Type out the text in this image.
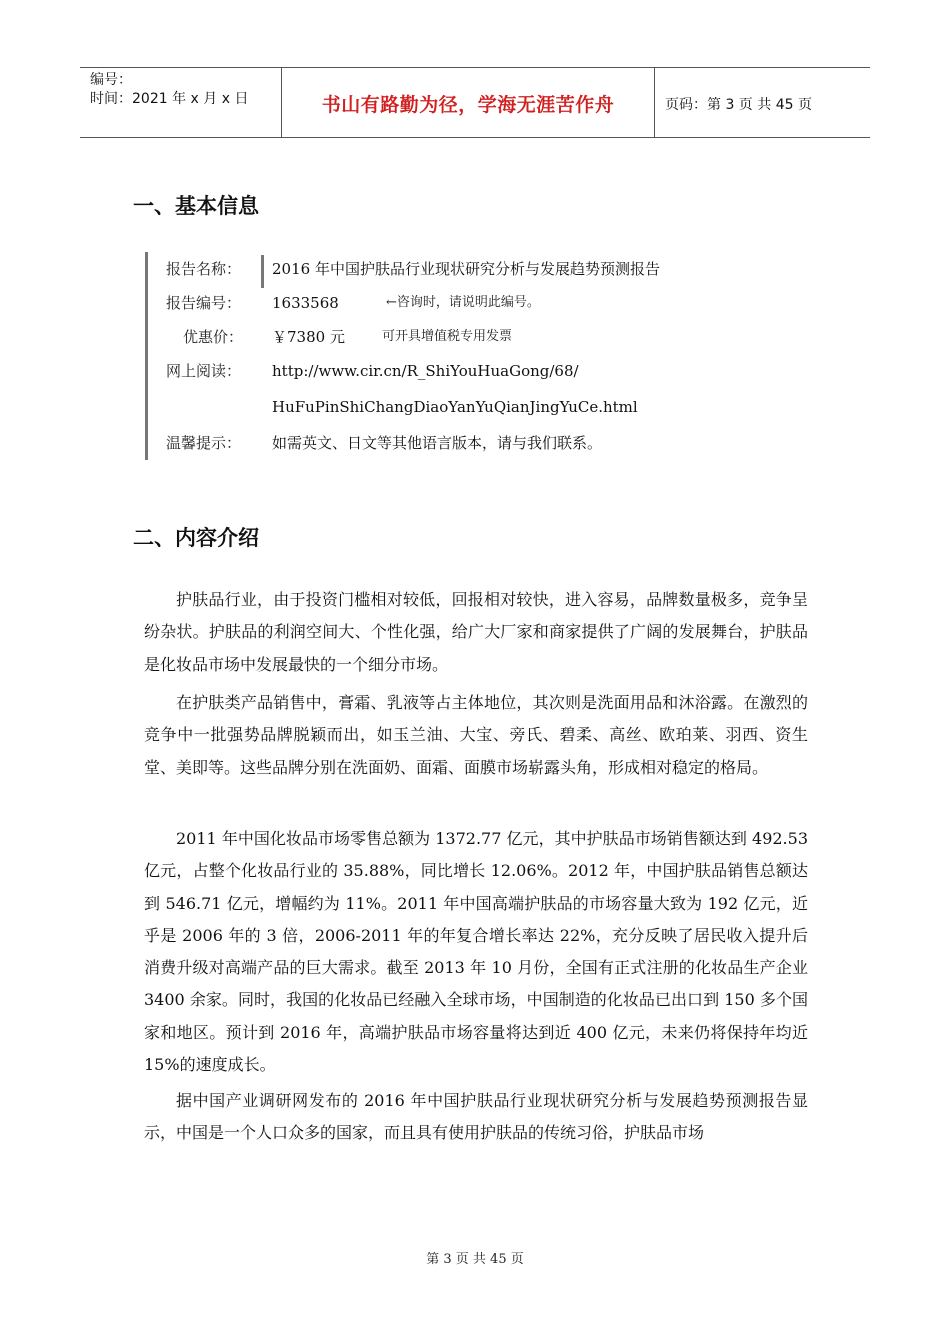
编号：
时间：2021 年 x 月 x 日	书山有路勤为径，学海无涯苦作舟	页码：第 3 页 共 45 页
一、基本信息
报告名称：	2016 年中国护肤品行业现状研究分析与发展趋势预测报告
报告编号：	1633568	←咨询时，请说明此编号。
优惠价：	￥7380 元	可开具增值税专用发票
网上阅读：	http://www.cir.cn/R_ShiYouHuaGong/68/
HuFuPinShiChangDiaoYanYuQianJingYuCe.html
温馨提示：	如需英文、日文等其他语言版本，请与我们联系。
二、内容介绍
护肤品行业，由于投资门槛相对较低，回报相对较快，进入容易，品牌数量极多，竞争呈纷杂状。护肤品的利润空间大、个性化强，给广大厂家和商家提供了广阔的发展舞台，护肤品是化妆品市场中发展最快的一个细分市场。
在护肤类产品销售中，膏霜、乳液等占主体地位，其次则是洗面用品和沐浴露。在激烈的竞争中一批强势品牌脱颖而出，如玉兰油、大宝、旁氏、碧柔、高丝、欧珀莱、羽西、资生堂、美即等。这些品牌分别在洗面奶、面霜、面膜市场崭露头角，形成相对稳定的格局。
2011 年中国化妆品市场零售总额为 1372.77 亿元，其中护肤品市场销售额达到 492.53 亿元，占整个化妆品行业的 35.88%，同比增长 12.06%。2012 年，中国护肤品销售总额达到 546.71 亿元，增幅约为 11%。2011 年中国高端护肤品的市场容量大致为 192 亿元，近乎是 2006 年的 3 倍，2006-2011 年的年复合增长率达 22%，充分反映了居民收入提升后消费升级对高端产品的巨大需求。截至 2013 年 10 月份，全国有正式注册的化妆品生产企业 3400 余家。同时，我国的化妆品已经融入全球市场，中国制造的化妆品已出口到 150 多个国家和地区。预计到 2016 年，高端护肤品市场容量将达到近 400 亿元，未来仍将保持年均近 15%的速度成长。
据中国产业调研网发布的 2016 年中国护肤品行业现状研究分析与发展趋势预测报告显示，中国是一个人口众多的国家，而且具有使用护肤品的传统习俗，护肤品市场
第 3 页 共 45 页
